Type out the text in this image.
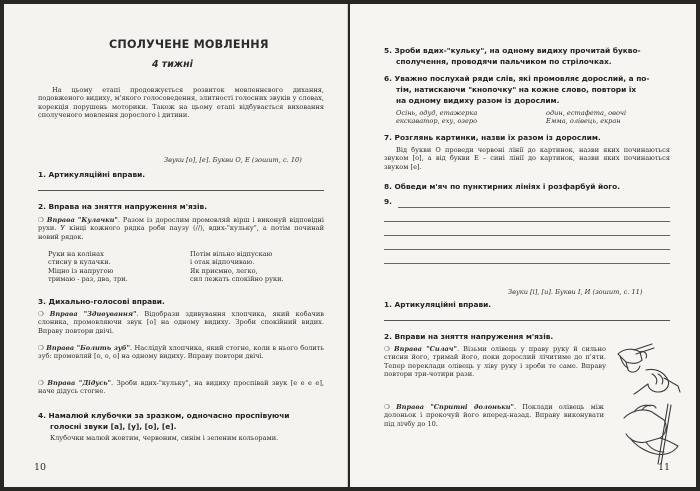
СПОЛУЧЕНЕ МОВЛЕННЯ
4 тижні
На цьому етапі продовжується розвиток мовленнєвого дихання, подовженого видиху, м'якого голосоведення, злитності голосних звуків у словах, корекція порушень моторики. Також на цьому етапі відбувається виховання сполученого мовлення дорослого і дитини.
Звуки [о], [е]. Букви О, Е (зошит, с. 10)
1. Артикуляційні вправи.
2. Вправа на зняття напруження м'язів.
❍ Вправа "Кулачки". Разом із дорослим промовляй вірш і виконуй відповідні рухи. У кінці кожного рядка роби паузу (//), вдих-"кульку", а потім починай новий рядок.
Руки на колінах
стисну в кулачки.
Міцно із напругою
тримаю - раз, два, три.
Потім вільно відпускаю
і отак відпочиваю.
Як приємно, легко,
сил лежать спокійно руки.
3. Дихально-голосові вправи.
❍ Вправа "Здивування". Відобрази здивування хлопчика, який кобачив слоника, промовляючи звук [о] на одному видиху. Зроби спокійний видих. Вправу повтори двічі.
❍ Вправа "Болить зуб". Наслідуй хлопчика, який стогне, коли в нього болить зуб: промовляй [о, о, о] на одному видиху. Вправу повтори двічі.
❍ Вправа "Дідусь". Зроби вдих-"кульку", на видиху проспівай звук [е е е е], наче дідусь стогне.
4. Намалюй клубочки за зразком, одночасно проспівуючи
голосні звуки [а], [у], [о], [е].
Клубочки малюй жовтим, червоним, синім і зеленим кольорами.
10
5. Зроби вдих-"кульку", на одному видиху прочитай букво-
сполучення, проводячи пальчиком по стрілочках.
6. Уважно послухай ряди слів, які промовляє дорослий, а по-
тім, натискаючи "кнопочку" на кожне слово, повтори їх
на одному видиху разом із дорослим.
Осінь, одуд, етажерка
екскаватор, еху, озеро
один, естафета, овочі
Емма, олівець, екран
7. Розглянь картинки, назви їх разом із дорослим.
Від букви О проведи червоні лінії до картинок, назви яких починаються звуком [о], а від букви Е – сині лінії до картинок, назви яких починаються звуком [е].
8. Обведи м'яч по пунктирних лініях і розфарбуй його.
9.
Звуки [і], [и]. Букви І, И (зошит, с. 11)
1. Артикуляційні вправи.
2. Вправи на зняття напруження м'язів.
❍ Вправа "Силач". Візьми олівець у праву руку й сильно стисни його, тримай його, поки дорослий лічитиме до п'яти. Тепер переклади олівець у ліву руку і зроби те саме. Вправу повтори три-чотири рази.
❍ Вправа "Спритні долоньки". Поклади олівець між долоньок і прокочуй його вперед-назад. Вправу виконувати під лічбу до 10.
11
